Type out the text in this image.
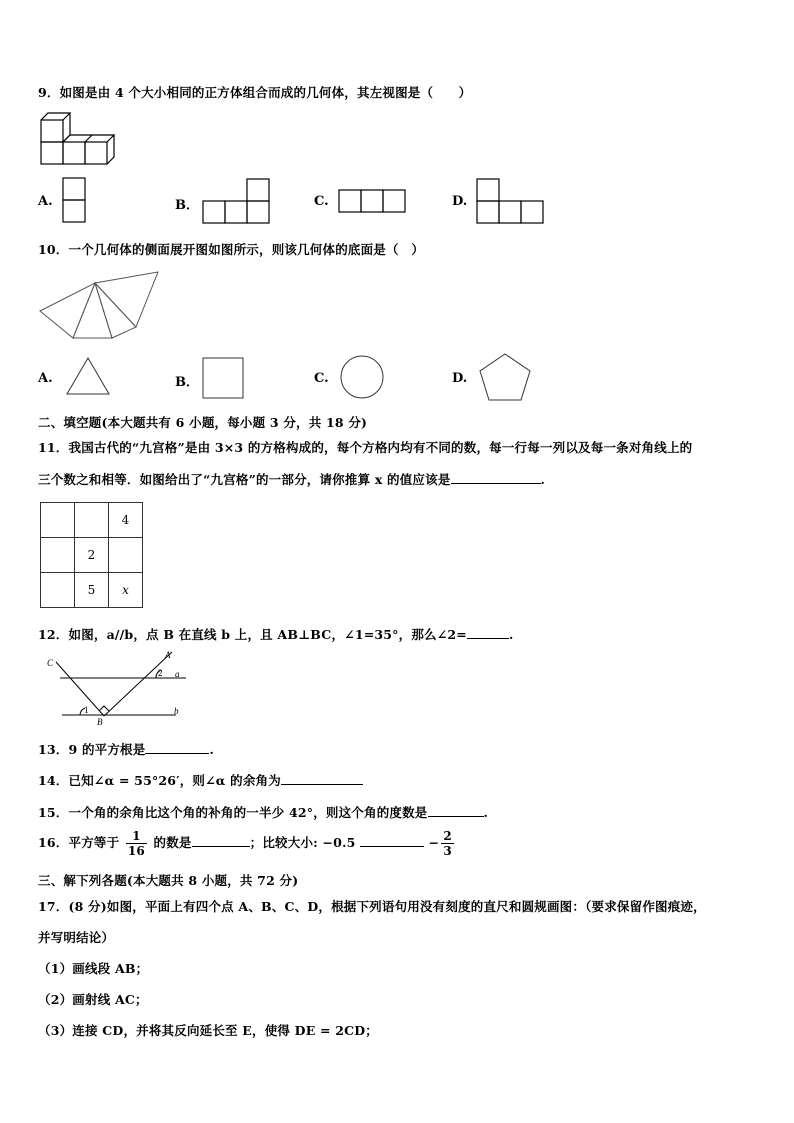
9．如图是由 4 个大小相同的正方体组合而成的几何体，其左视图是（　　）
A.	B．	C.	D.
10．一个几何体的侧面展开图如图所示，则该几何体的底面是（　）
A.	B．	C.	D.
二、填空题(本大题共有 6 小题，每小题 3 分，共 18 分)
11．我国古代的“九宫格”是由 3×3 的方格构成的，每个方格内均有不同的数，每一行每一列以及每一条对角线上的
三个数之和相等．如图给出了“九宫格”的一部分，请你推算 x 的值应该是	.
		4
	2	
	5	x
12．如图，a//b，点 B 在直线 b 上，且 AB⊥BC，∠1=35°，那么∠2=	.
C
A
2 a
1
B
b
13．9 的平方根是	.
14．已知∠α = 55°26′，则∠α 的余角为
15．一个角的余角比这个角的补角的一半少 42°，则这个角的度数是	.
16．平方等于 $\frac{1}{16}$ 的数是	；比较大小: −0.5	− $\frac{2}{3}$
三、解下列各题(本大题共 8 小题，共 72 分)
17．(8 分)如图，平面上有四个点 A、B、C、D，根据下列语句用没有刻度的直尺和圆规画图：（要求保留作图痕迹，
并写明结论）
（1）画线段 AB；
（2）画射线 AC；
（3）连接 CD，并将其反向延长至 E，使得 DE = 2CD；
